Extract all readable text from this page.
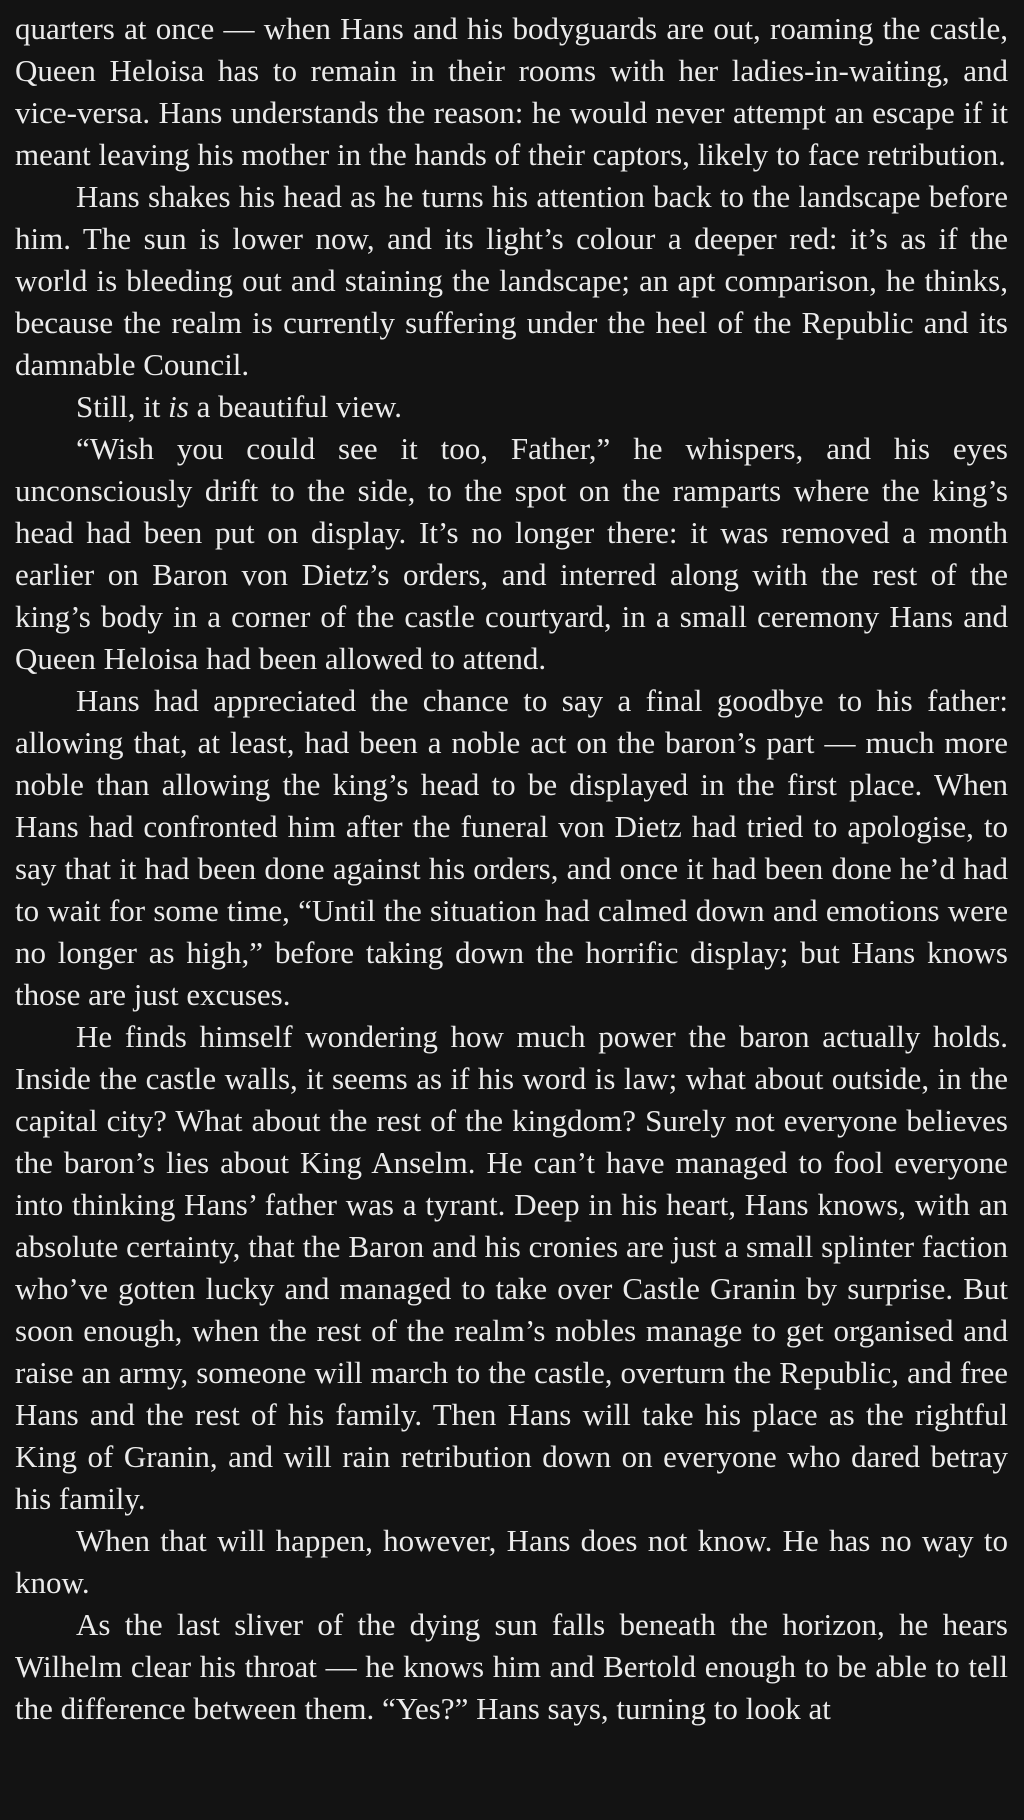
quarters at once — when Hans and his bodyguards are out, roaming the castle, Queen Heloisa has to remain in their rooms with her ladies-in-waiting, and vice-versa. Hans understands the reason: he would never attempt an escape if it meant leaving his mother in the hands of their captors, likely to face retribution.

Hans shakes his head as he turns his attention back to the landscape before him. The sun is lower now, and its light’s colour a deeper red: it’s as if the world is bleeding out and staining the landscape; an apt comparison, he thinks, because the realm is currently suffering under the heel of the Republic and its damnable Council.

Still, it is a beautiful view.

“Wish you could see it too, Father,” he whispers, and his eyes unconsciously drift to the side, to the spot on the ramparts where the king’s head had been put on display. It’s no longer there: it was removed a month earlier on Baron von Dietz’s orders, and interred along with the rest of the king’s body in a corner of the castle courtyard, in a small ceremony Hans and Queen Heloisa had been allowed to attend.

Hans had appreciated the chance to say a final goodbye to his father: allowing that, at least, had been a noble act on the baron’s part — much more noble than allowing the king’s head to be displayed in the first place. When Hans had confronted him after the funeral von Dietz had tried to apologise, to say that it had been done against his orders, and once it had been done he’d had to wait for some time, “Until the situation had calmed down and emotions were no longer as high,” before taking down the horrific display; but Hans knows those are just excuses.

He finds himself wondering how much power the baron actually holds. Inside the castle walls, it seems as if his word is law; what about outside, in the capital city? What about the rest of the kingdom? Surely not everyone believes the baron’s lies about King Anselm. He can’t have managed to fool everyone into thinking Hans’ father was a tyrant. Deep in his heart, Hans knows, with an absolute certainty, that the Baron and his cronies are just a small splinter faction who’ve gotten lucky and managed to take over Castle Granin by surprise. But soon enough, when the rest of the realm’s nobles manage to get organised and raise an army, someone will march to the castle, overturn the Republic, and free Hans and the rest of his family. Then Hans will take his place as the rightful King of Granin, and will rain retribution down on everyone who dared betray his family.

When that will happen, however, Hans does not know. He has no way to know.

As the last sliver of the dying sun falls beneath the horizon, he hears Wilhelm clear his throat — he knows him and Bertold enough to be able to tell the difference between them. “Yes?” Hans says, turning to look at
